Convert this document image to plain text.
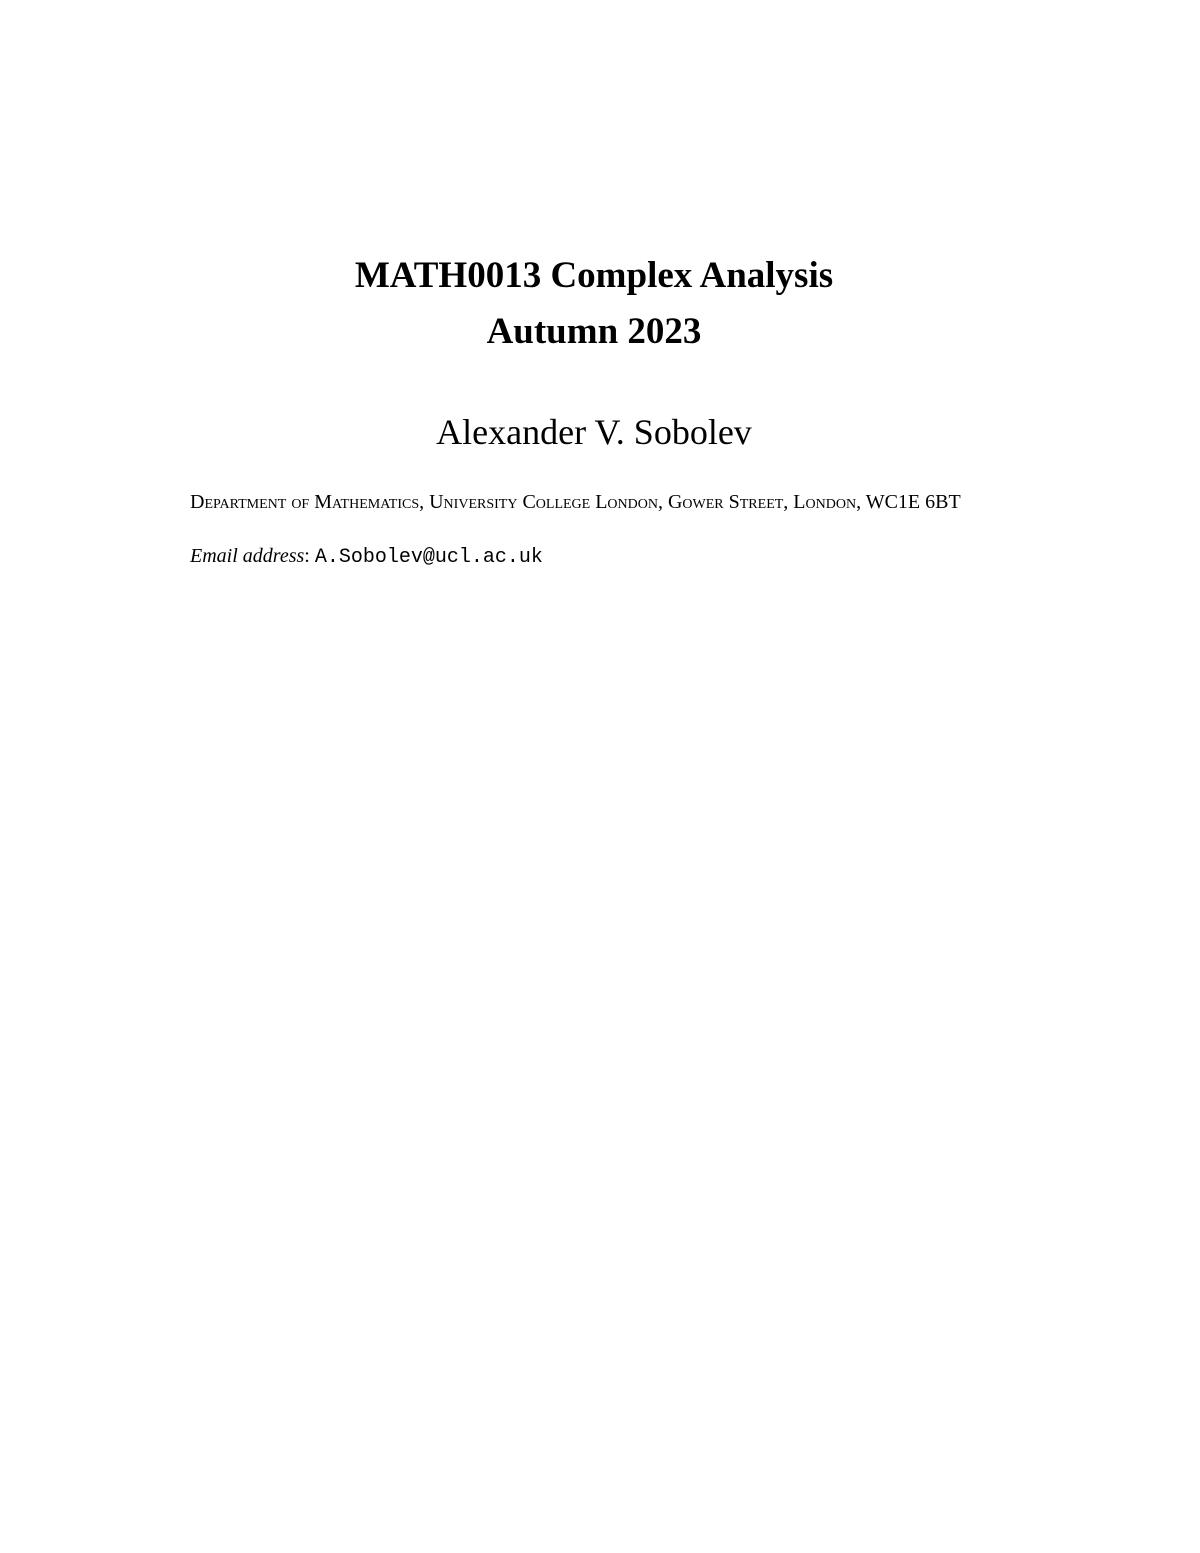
MATH0013 Complex Analysis

Autumn 2023

Alexander V. Sobolev

Department of Mathematics, University College London, Gower Street, London, WC1E 6BT

Email address: A.Sobolev@ucl.ac.uk
